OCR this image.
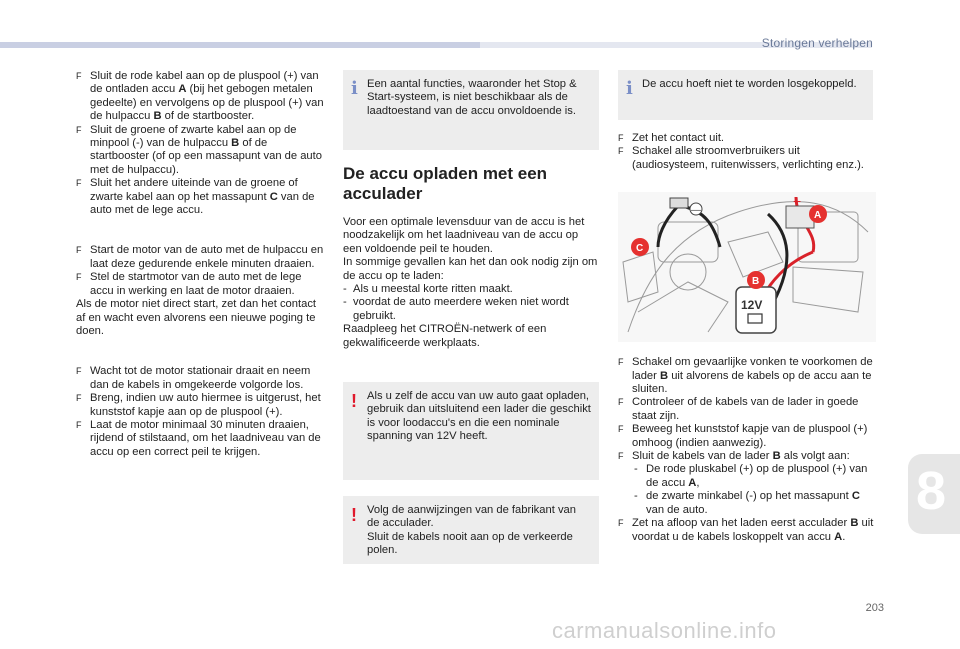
Storingen verhelpen
F Sluit de rode kabel aan op de pluspool (+) van de ontladen accu A (bij het gebogen metalen gedeelte) en vervolgens op de pluspool (+) van de hulpaccu B of de startbooster.
F Sluit de groene of zwarte kabel aan op de minpool (-) van de hulpaccu B of de startbooster (of op een massapunt van de auto met de hulpaccu).
F Sluit het andere uiteinde van de groene of zwarte kabel aan op het massapunt C van de auto met de lege accu.
F Start de motor van de auto met de hulpaccu en laat deze gedurende enkele minuten draaien.
F Stel de startmotor van de auto met de lege accu in werking en laat de motor draaien.

Als de motor niet direct start, zet dan het contact af en wacht even alvorens een nieuwe poging te doen.

F Wacht tot de motor stationair draait en neem dan de kabels in omgekeerde volgorde los.
F Breng, indien uw auto hiermee is uitgerust, het kunststof kapje aan op de pluspool (+).
F Laat de motor minimaal 30 minuten draaien, rijdend of stilstaand, om het laadniveau van de accu op een correct peil te krijgen.
i Een aantal functies, waaronder het Stop & Start-systeem, is niet beschikbaar als de laadtoestand van de accu onvoldoende is.

De accu opladen met een acculader

Voor een optimale levensduur van de accu is het noodzakelijk om het laadniveau van de accu op een voldoende peil te houden.

In sommige gevallen kan het dan ook nodig zijn om de accu op te laden:

- Als u meestal korte ritten maakt.
- voordat de auto meerdere weken niet wordt gebruikt.

Raadpleeg het CITROËN-netwerk of een gekwalificeerde werkplaats.

! Als u zelf de accu van uw auto gaat opladen, gebruik dan uitsluitend een lader die geschikt is voor loodaccu's en die een nominale spanning van 12V heeft.

! Volg de aanwijzingen van de fabrikant van de acculader.

Sluit de kabels nooit aan op de verkeerde polen.

i De accu hoeft niet te worden losgekoppeld.

F Zet het contact uit.
F Schakel alle stroomverbruikers uit (audiosysteem, ruitenwissers, verlichting enz.).
+
—	A
C
B
12V
F Schakel om gevaarlijke vonken te voorkomen de lader B uit alvorens de kabels op de accu aan te sluiten.
F Controleer of de kabels van de lader in goede staat zijn.
F Beweeg het kunststof kapje van de pluspool (+) omhoog (indien aanwezig).
F Sluit de kabels van de lader B als volgt aan:
- De rode pluskabel (+) op de pluspool (+) van de accu A,
- de zwarte minkabel (-) op het massapunt C van de auto.
F Zet na afloop van het laden eerst acculader B uit voordat u de kabels loskoppelt van accu A.
8
203
carmanualsonline.info
